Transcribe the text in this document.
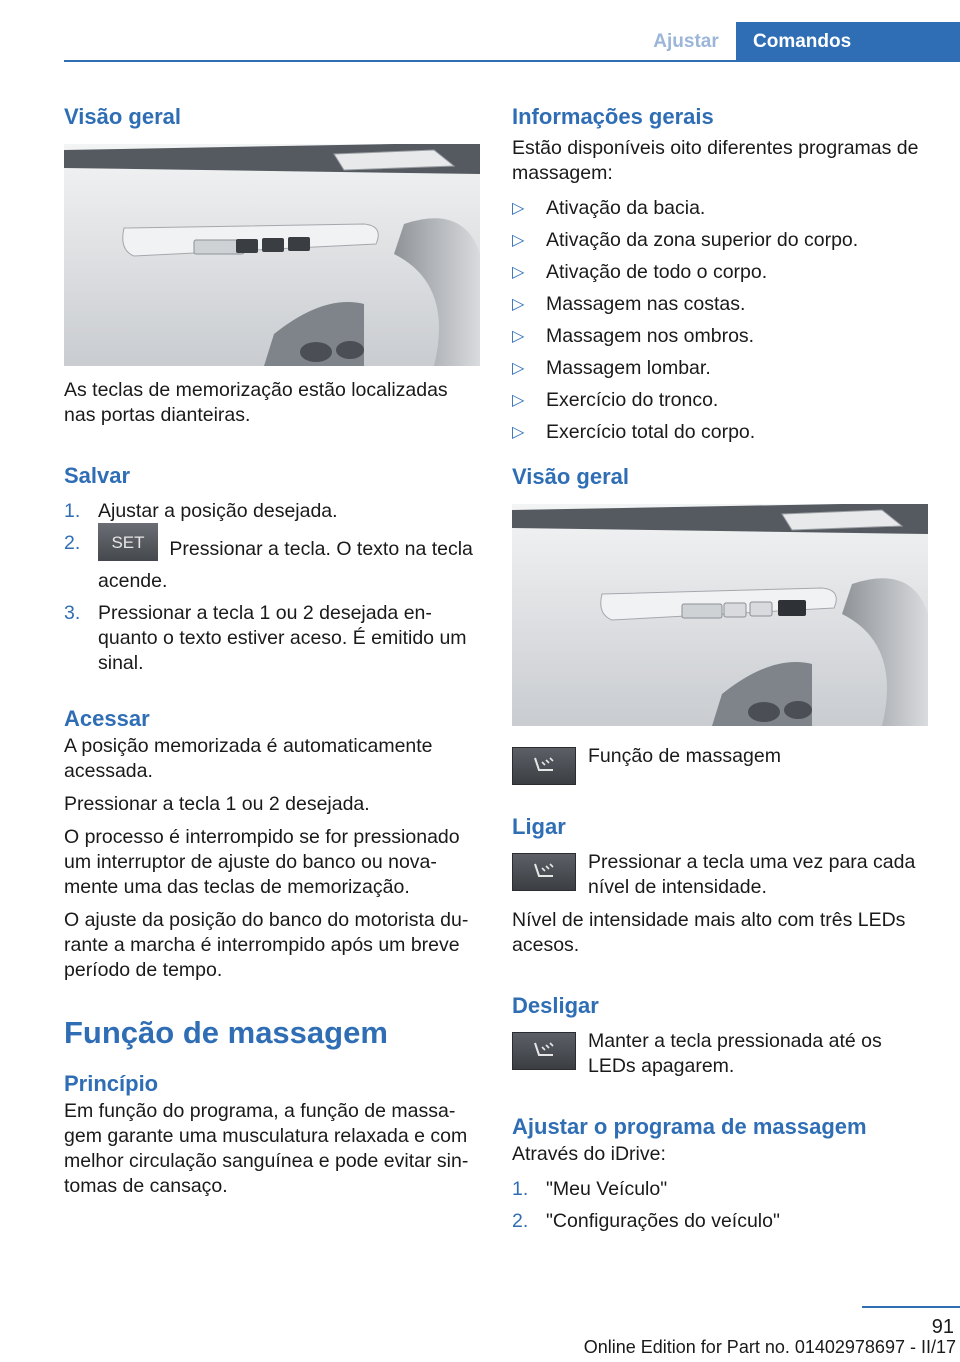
Ajustar	Comandos
Visão geral

As teclas de memorização estão localizadas nas portas dianteiras.

Salvar
1. Ajustar a posição desejada.
2. SET Pressionar a tecla. O texto na tecla acende.
3. Pressionar a tecla 1 ou 2 desejada enquanto o texto estiver aceso. É emitido um sinal.
Acessar

A posição memorizada é automaticamente acessada.

Pressionar a tecla 1 ou 2 desejada.

O processo é interrompido se for pressionado um interruptor de ajuste do banco ou novamente uma das teclas de memorização.

O ajuste da posição do banco do motorista durante a marcha é interrompido após um breve período de tempo.

Função de massagem
Princípio

Em função do programa, a função de massagem garante uma musculatura relaxada e com melhor circulação sanguínea e pode evitar sintomas de cansaço.

Informações gerais

Estão disponíveis oito diferentes programas de massagem:

▷ Ativação da bacia.
▷ Ativação da zona superior do corpo.
▷ Ativação de todo o corpo.
▷ Massagem nas costas.
▷ Massagem nos ombros.
▷ Massagem lombar.
▷ Exercício do tronco.
▷ Exercício total do corpo.
Visão geral

Função de massagem

Ligar

Pressionar a tecla uma vez para cada nível de intensidade.

Nível de intensidade mais alto com três LEDs acesos.

Desligar

Manter a tecla pressionada até os LEDs apagarem.

Ajustar o programa de massagem

Através do iDrive:

1. "Meu Veículo"
2. "Configurações do veículo"
91
Online Edition for Part no. 01402978697 - II/17
